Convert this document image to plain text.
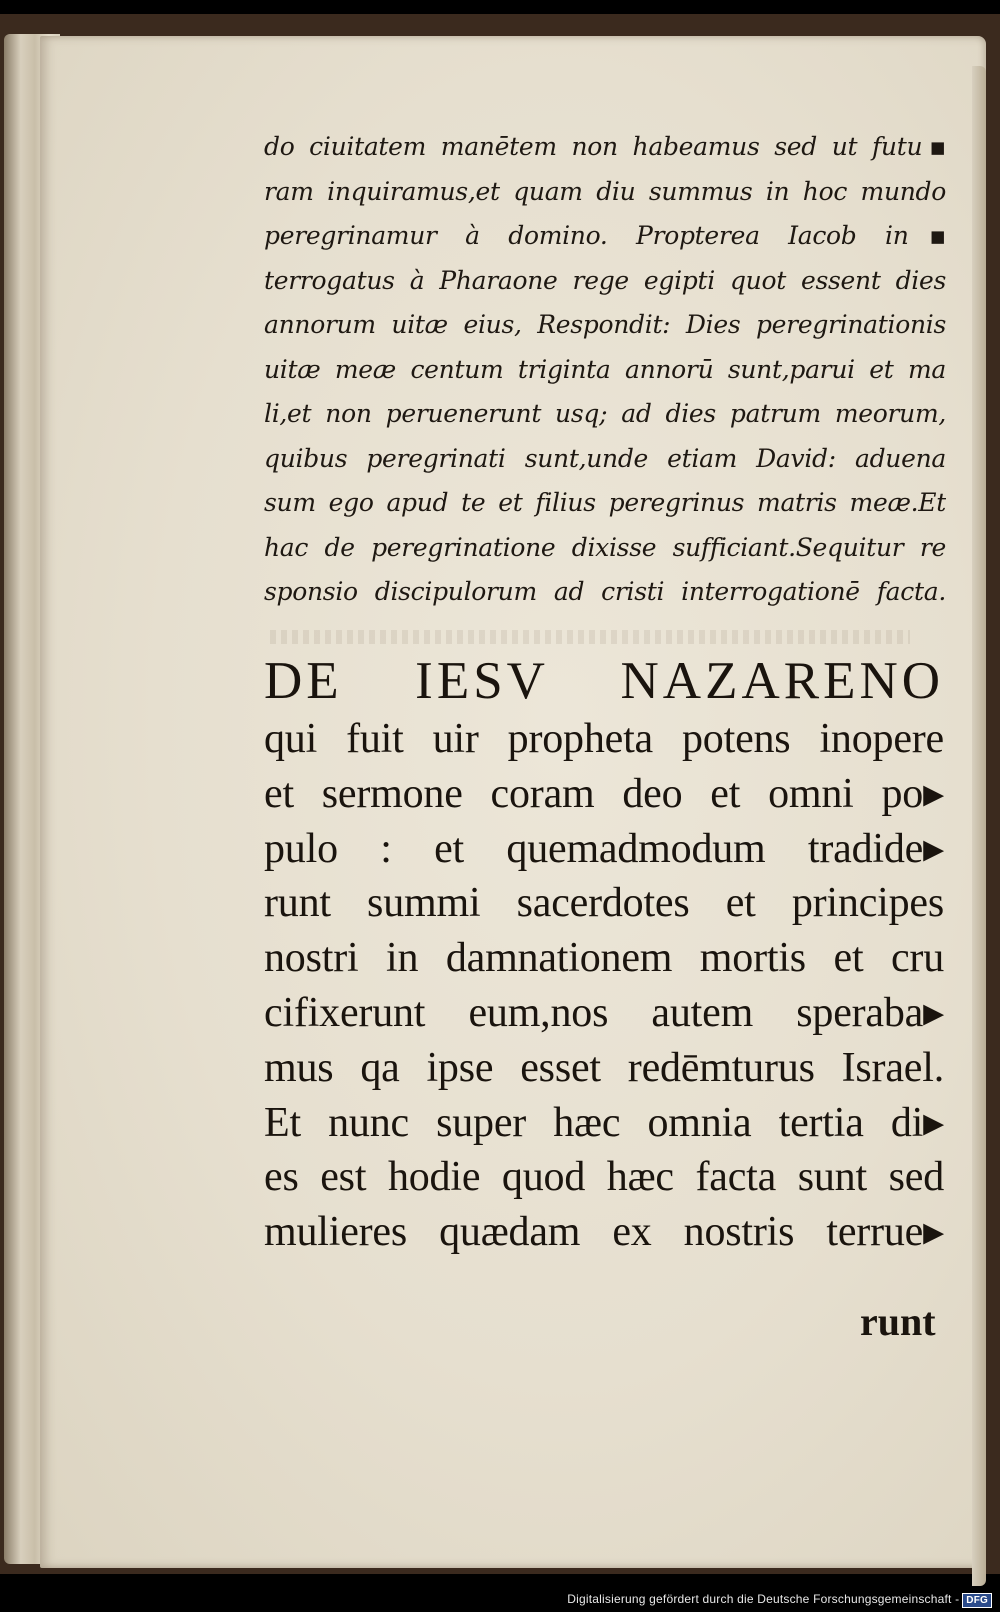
do ciuitatem manētem non habeamus sed ut futu▪
ram inquiramus,et quam diu summus in hoc mundo
peregrinamur à domino. Propterea Iacob in▪
terrogatus à Pharaone rege egipti quot essent dies
annorum uitæ eius, Respondit: Dies peregrinationis
uitæ meæ centum triginta annorū sunt,parui et ma
li,et non peruenerunt usq; ad dies patrum meorum,
quibus peregrinati sunt,unde etiam David: aduena
sum ego apud te et filius peregrinus matris meæ.Et
hac de peregrinatione dixisse sufficiant.Sequitur re
sponsio discipulorum ad cristi interrogationē facta.
DE IESV NAZARENO
qui fuit uir propheta potens inopere
et sermone coram deo et omni po▸
pulo : et quemadmodum tradide▸
runt summi sacerdotes et principes
nostri in damnationem mortis et cru
cifixerunt eum,nos autem speraba▸
mus qa ipse esset redēmturus Israel.
Et nunc super hæc omnia tertia di▸
es est hodie quod hæc facta sunt sed
mulieres quædam ex nostris terrue▸
runt
Digitalisierung gefördert durch die Deutsche Forschungsgemeinschaft - DFG
